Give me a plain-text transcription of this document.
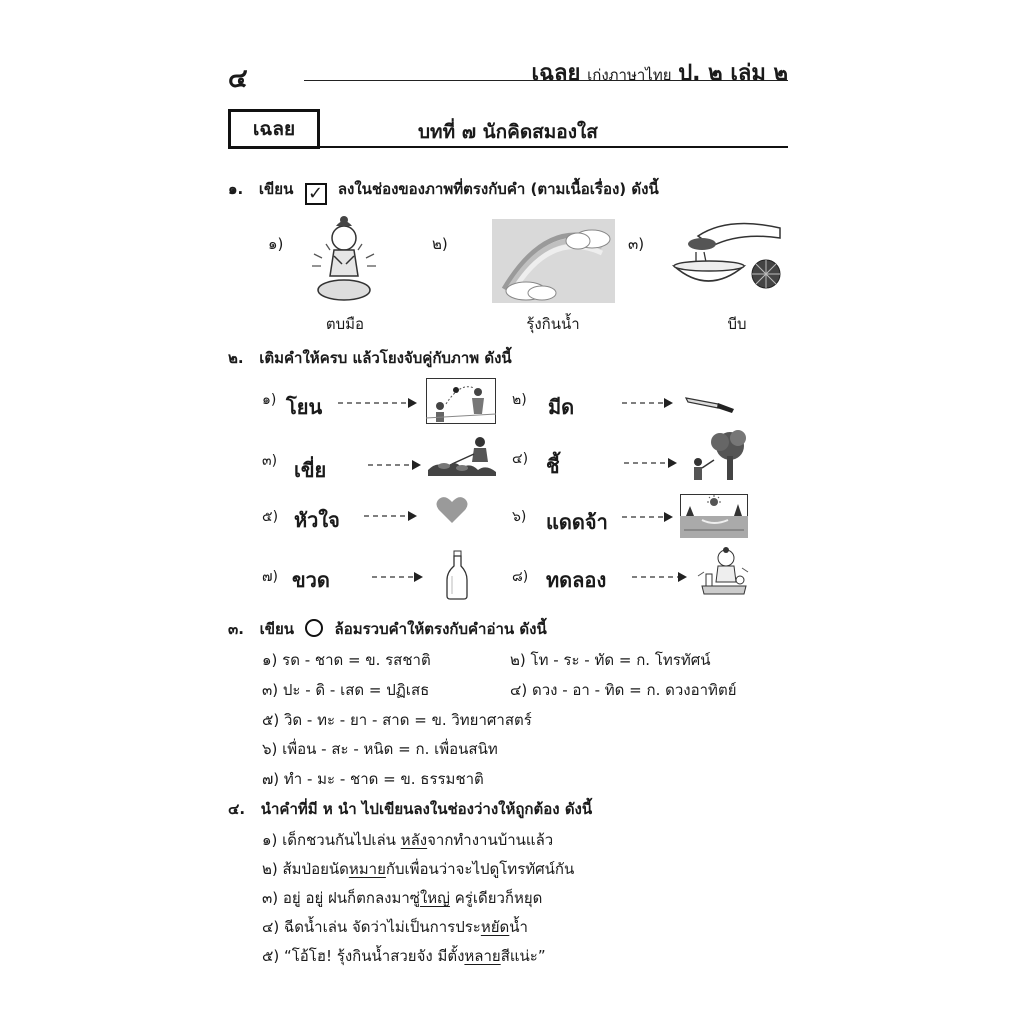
๔	เฉลย เก่งภาษาไทย ป. ๒ เล่ม ๒
เฉลย	บทที่ ๗ นักคิดสมองใส
๑. เขียน ✓ ลงในช่องของภาพที่ตรงกับคำ (ตามเนื้อเรื่อง) ดังนี้
๑)
ตบมือ
๒)
รุ้งกินน้ำ
๓)
บีบ
๒. เติมคำให้ครบ แล้วโยงจับคู่กับภาพ ดังนี้
๑) โยน	๒) มีด
๓) เขี่ย	๔) ชี้
๕) หัวใจ	๖) แดดจ้า
๗) ขวด	๘) ทดลอง
๓. เขียน	ล้อมรวบคำให้ตรงกับคำอ่าน ดังนี้
๑) รด - ชาด = ข. รสชาติ	๒) โท - ระ - ทัด = ก. โทรทัศน์
๓) ปะ - ดิ - เสด = ปฏิเสธ	๔) ดวง - อา - ทิด = ก. ดวงอาทิตย์
๕) วิด - ทะ - ยา - สาด = ข. วิทยาศาสตร์
๖) เพื่อน - สะ - หนิด = ก. เพื่อนสนิท
๗) ทำ - มะ - ชาด = ข. ธรรมชาติ
๔. นำคำที่มี ห นำ ไปเขียนลงในช่องว่างให้ถูกต้อง ดังนี้
๑) เด็กชวนกันไปเล่น หลังจากทำงานบ้านแล้ว
๒) ส้มป่อยนัดหมายกับเพื่อนว่าจะไปดูโทรทัศน์กัน
๓) อยู่ อยู่ ฝนก็ตกลงมาซู่ใหญ่ ครู่เดียวก็หยุด
๔) ฉีดน้ำเล่น จัดว่าไม่เป็นการประหยัดน้ำ
๕) “โอ้โฮ! รุ้งกินน้ำสวยจัง มีตั้งหลายสีแน่ะ”
